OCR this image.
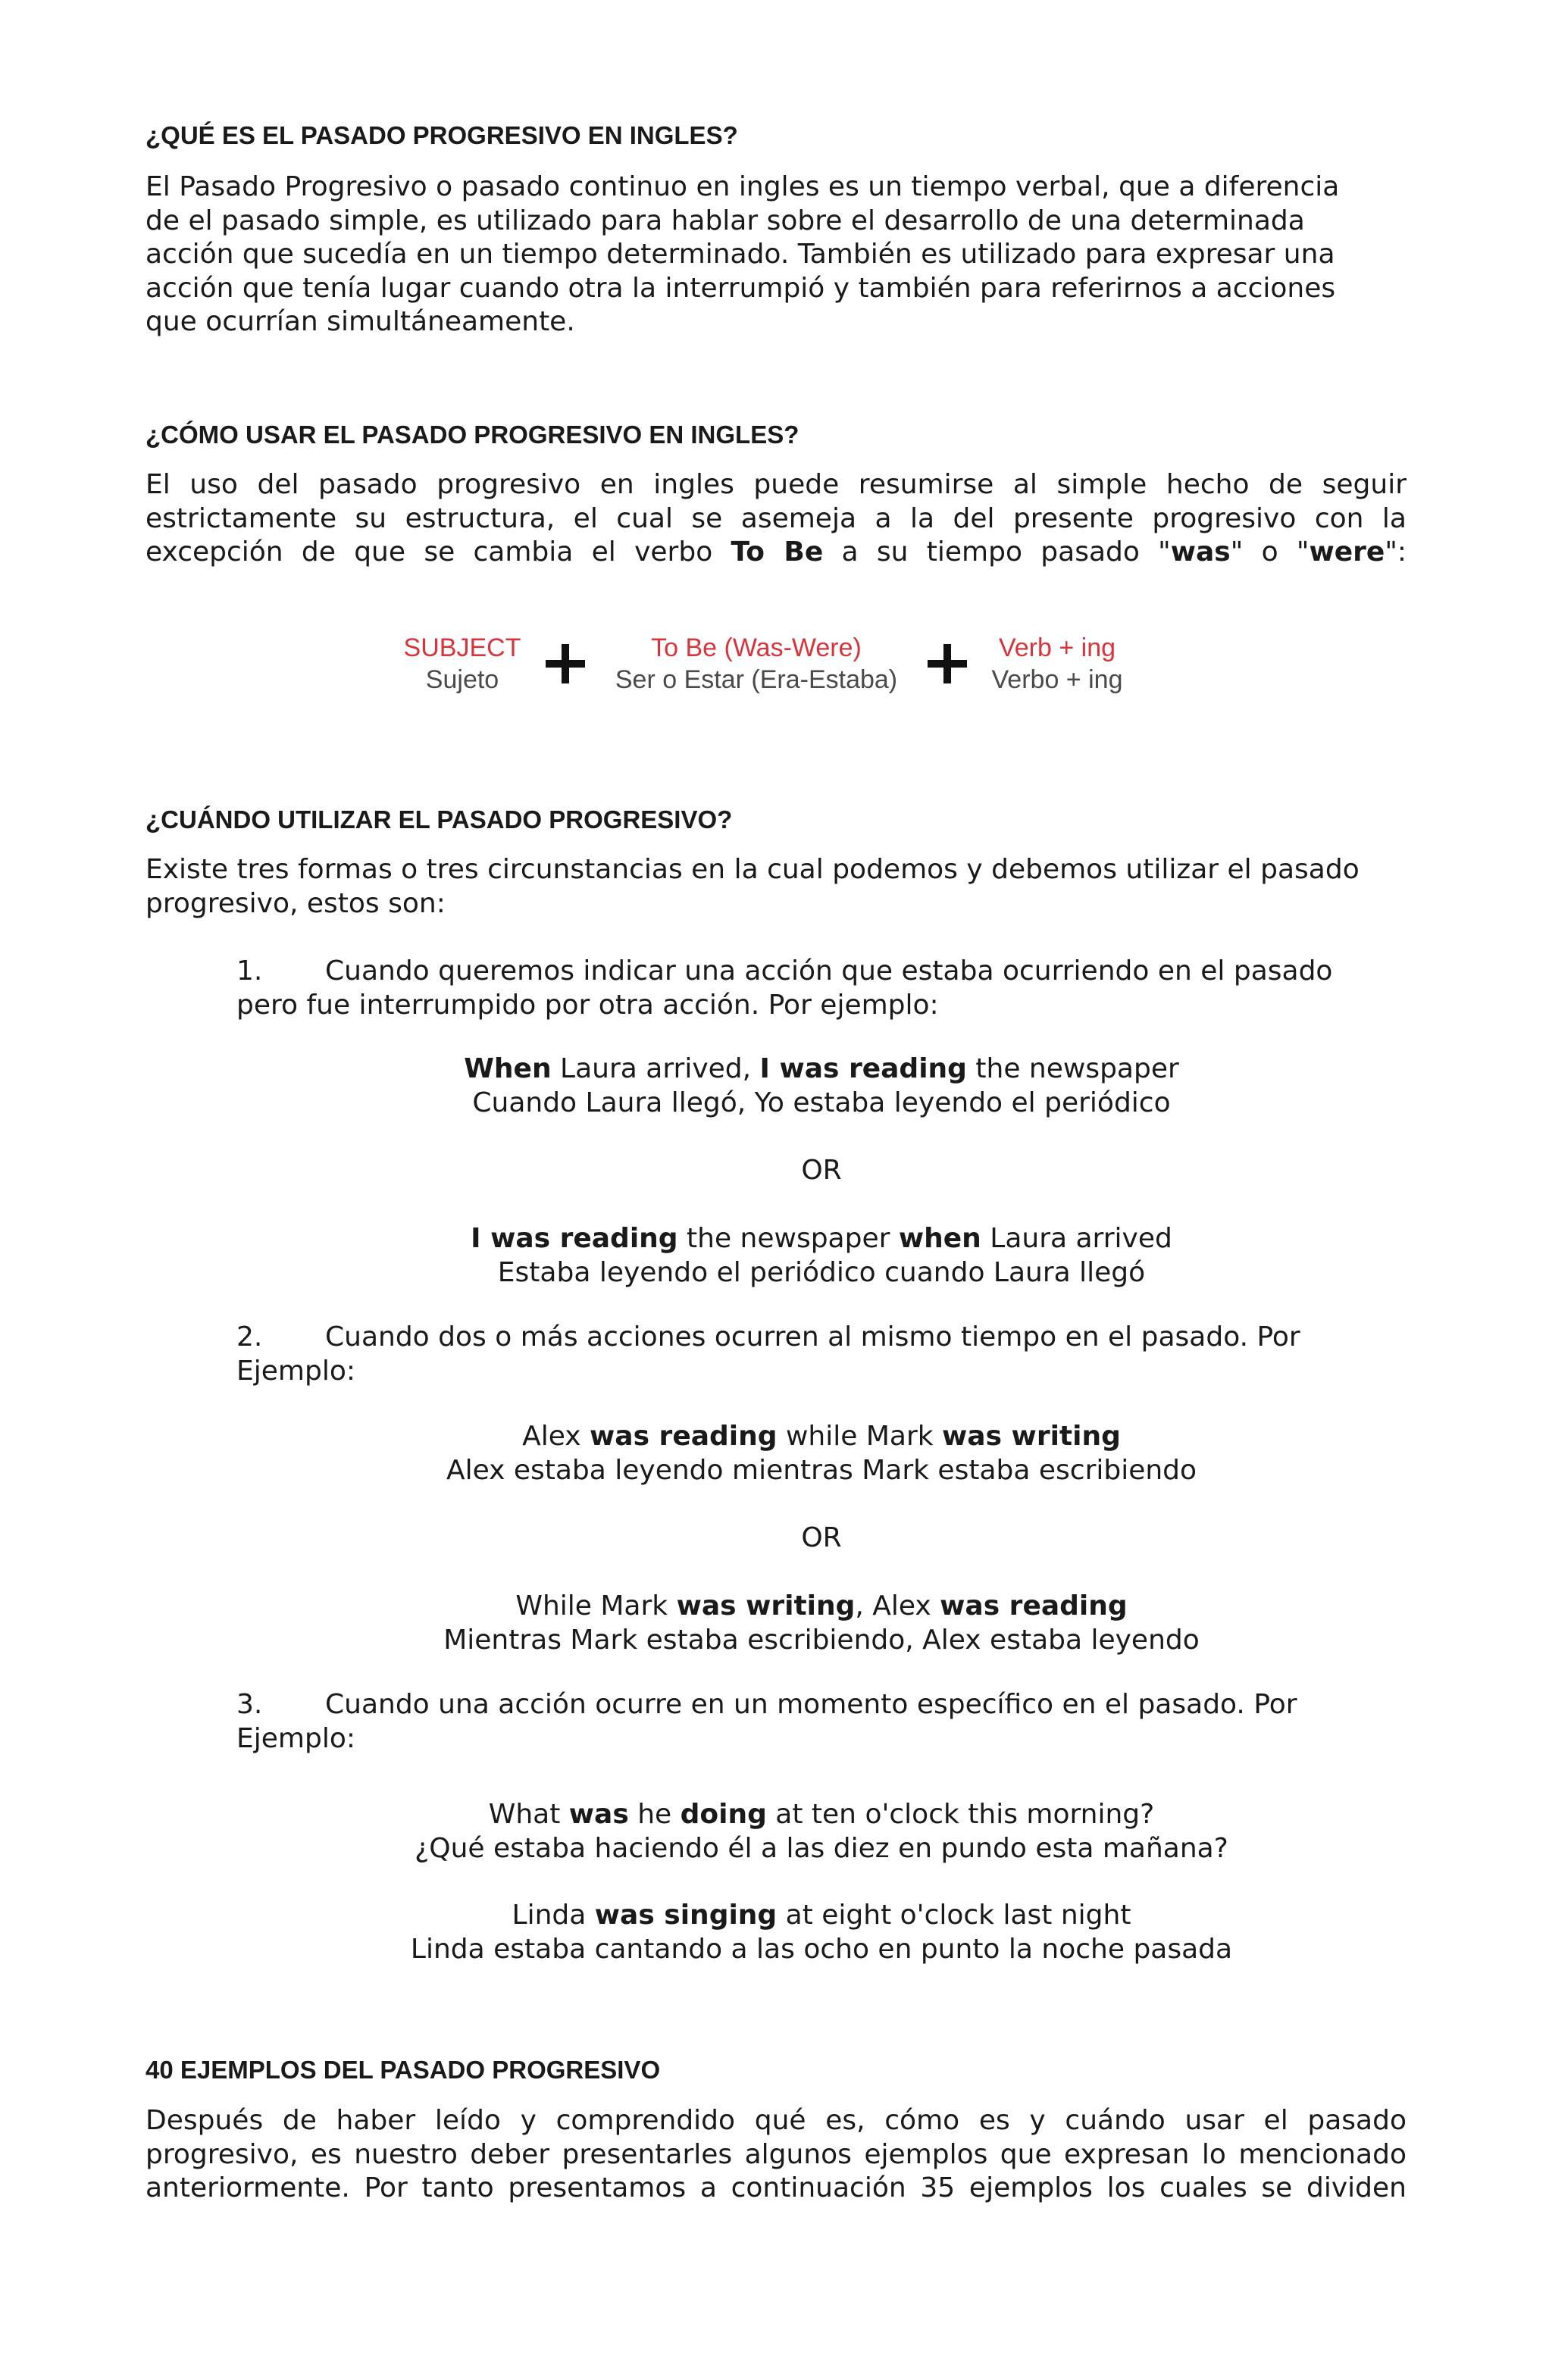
¿QUÉ ES EL PASADO PROGRESIVO EN INGLES?
El Pasado Progresivo o pasado continuo en ingles es un tiempo verbal, que a diferencia
de el pasado simple, es utilizado para hablar sobre el desarrollo de una determinada
acción que sucedía en un tiempo determinado. También es utilizado para expresar una
acción que tenía lugar cuando otra la interrumpió y también para referirnos a acciones
que ocurrían simultáneamente.
¿CÓMO USAR EL PASADO PROGRESIVO EN INGLES?
El uso del pasado progresivo en ingles puede resumirse al simple hecho de seguir
estrictamente su estructura, el cual se asemeja a la del presente progresivo con la
excepción de que se cambia el verbo To Be a su tiempo pasado "was" o "were":
SUBJECT
Sujeto
To Be (Was-Were)
Ser o Estar (Era-Estaba)
Verb + ing
Verbo + ing
¿CUÁNDO UTILIZAR EL PASADO PROGRESIVO?
Existe tres formas o tres circunstancias en la cual podemos y debemos utilizar el pasado
progresivo, estos son:
1. Cuando queremos indicar una acción que estaba ocurriendo en el pasado
pero fue interrumpido por otra acción. Por ejemplo:
When Laura arrived, I was reading the newspaper
Cuando Laura llegó, Yo estaba leyendo el periódico
OR
I was reading the newspaper when Laura arrived
Estaba leyendo el periódico cuando Laura llegó
2. Cuando dos o más acciones ocurren al mismo tiempo en el pasado. Por
Ejemplo:
Alex was reading while Mark was writing
Alex estaba leyendo mientras Mark estaba escribiendo
OR
While Mark was writing, Alex was reading
Mientras Mark estaba escribiendo, Alex estaba leyendo
3. Cuando una acción ocurre en un momento específico en el pasado. Por
Ejemplo:
What was he doing at ten o'clock this morning?
¿Qué estaba haciendo él a las diez en pundo esta mañana?
Linda was singing at eight o'clock last night
Linda estaba cantando a las ocho en punto la noche pasada
40 EJEMPLOS DEL PASADO PROGRESIVO
Después de haber leído y comprendido qué es, cómo es y cuándo usar el pasado
progresivo, es nuestro deber presentarles algunos ejemplos que expresan lo mencionado
anteriormente. Por tanto presentamos a continuación 35 ejemplos los cuales se dividen
